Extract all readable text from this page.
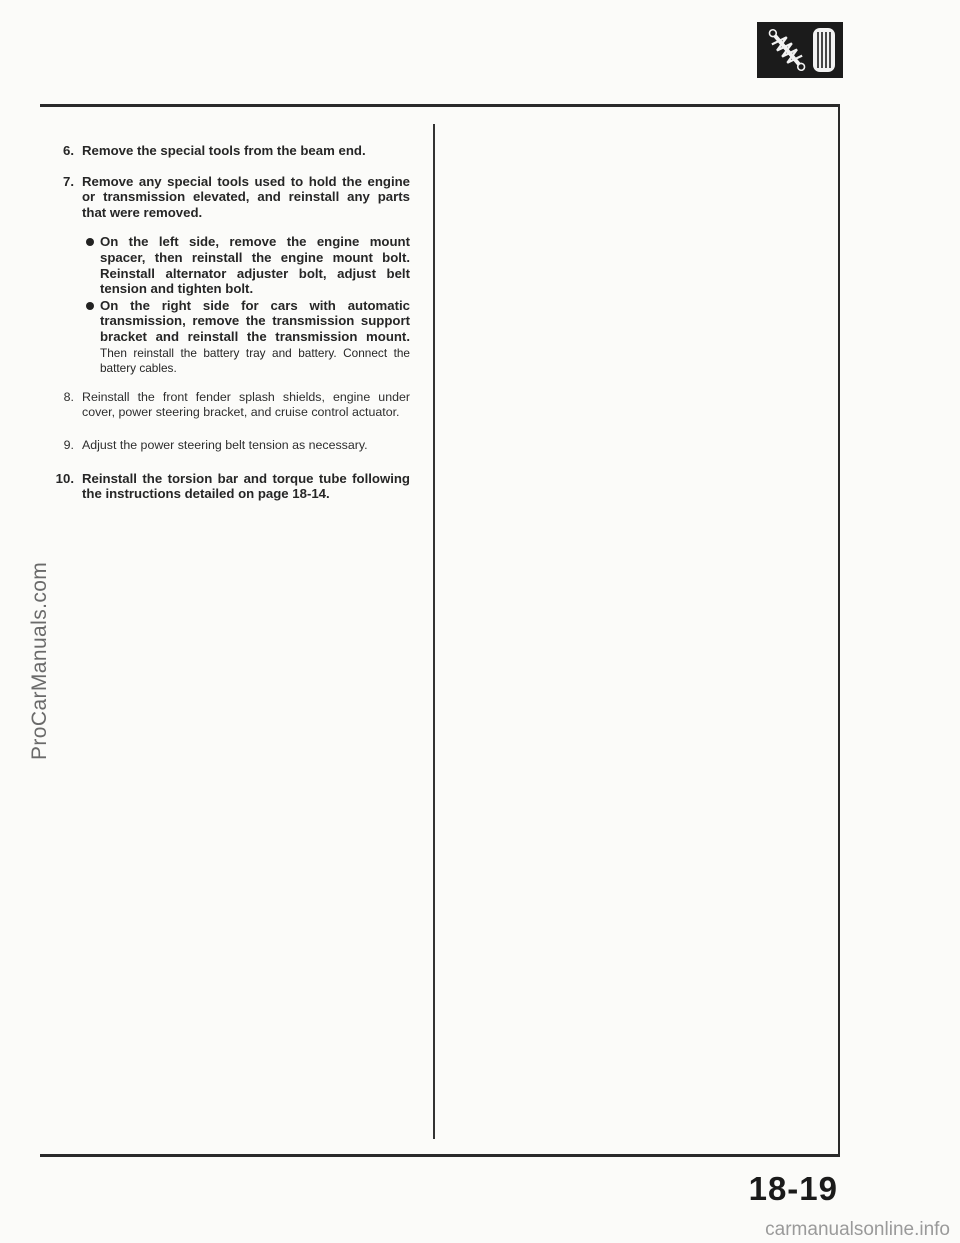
6. Remove the special tools from the beam end.
7. Remove any special tools used to hold the engine or transmission elevated, and reinstall any parts that were removed.
On the left side, remove the engine mount spacer, then reinstall the engine mount bolt. Reinstall alternator adjuster bolt, adjust belt tension and tighten bolt.
On the right side for cars with automatic transmission, remove the transmission support bracket and reinstall the transmission mount. Then reinstall the battery tray and battery. Connect the battery cables.
8. Reinstall the front fender splash shields, engine under cover, power steering bracket, and cruise control actuator.
9. Adjust the power steering belt tension as necessary.
10. Reinstall the torsion bar and torque tube following the instructions detailed on page 18-14.
ProCarManuals.com
18-19
carmanualsonline.info
